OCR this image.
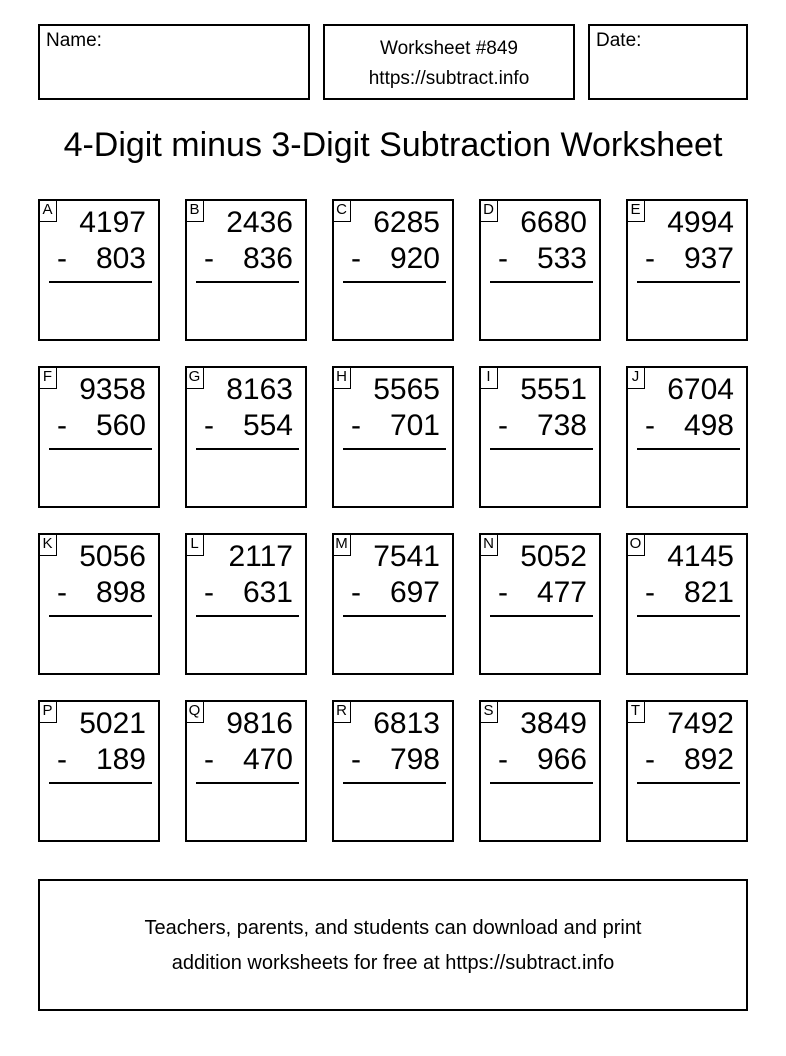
Name:	Worksheet #849
https://subtract.info
Date:
4-Digit minus 3-Digit Subtraction Worksheet
A 4197
- 803
B 2436
- 836
C 6285
- 920
D 6680
- 533
E 4994
- 937
F 9358
- 560
G 8163
- 554
H 5565
- 701
I 5551
- 738
J 6704
- 498
K 5056
- 898
L 2117
- 631
M 7541
- 697
N 5052
- 477
O 4145
- 821
P 5021
- 189
Q 9816
- 470
R 6813
- 798
S 3849
- 966
T 7492
- 892
Teachers, parents, and students can download and print
addition worksheets for free at https://subtract.info
